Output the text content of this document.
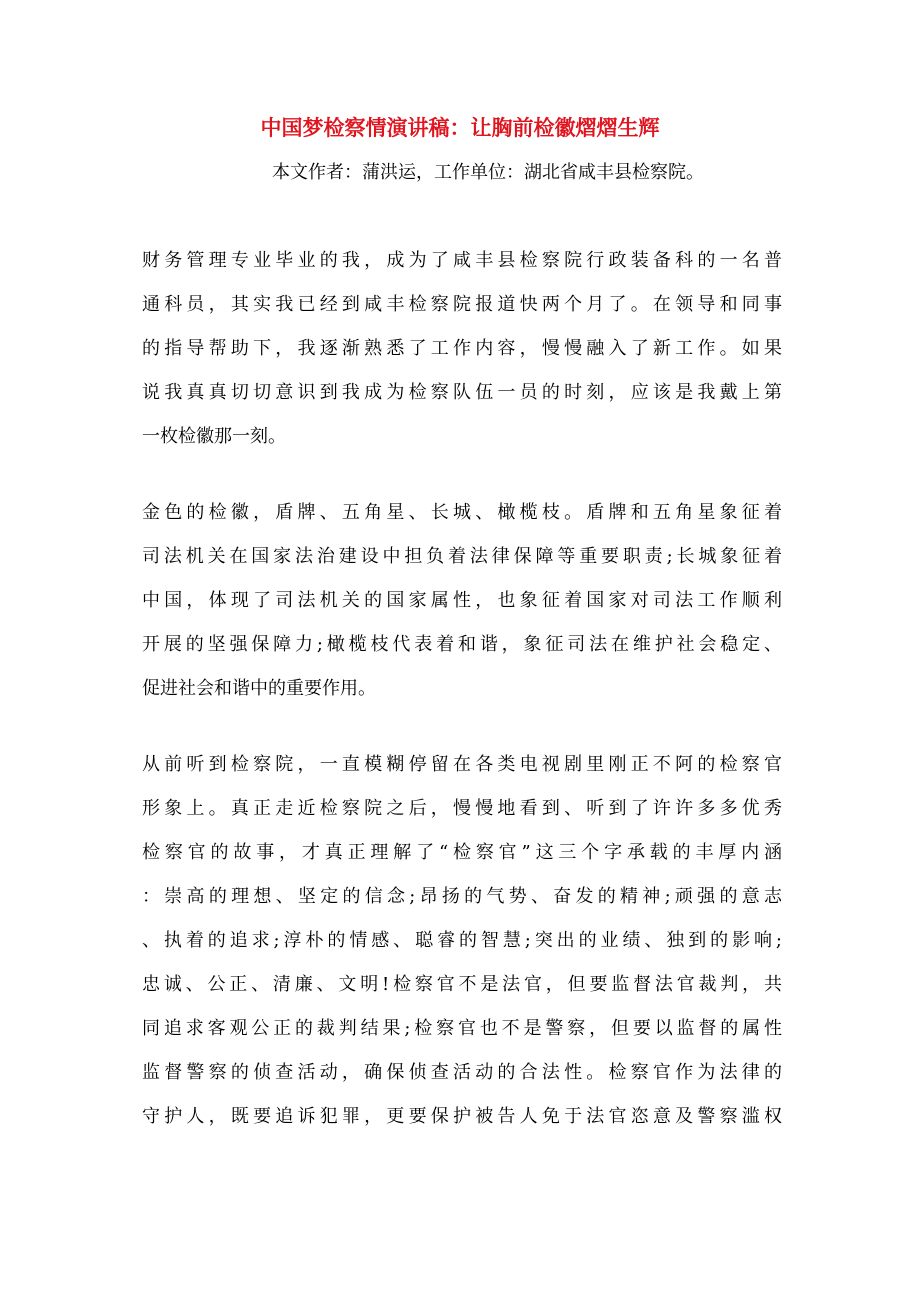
中国梦检察情演讲稿：让胸前检徽熠熠生辉
本文作者：蒲洪运，工作单位：湖北省咸丰县检察院。
财务管理专业毕业的我，成为了咸丰县检察院行政装备科的一名普
通科员，其实我已经到咸丰检察院报道快两个月了。在领导和同事
的指导帮助下，我逐渐熟悉了工作内容，慢慢融入了新工作。如果
说我真真切切意识到我成为检察队伍一员的时刻，应该是我戴上第
一枚检徽那一刻。
金色的检徽，盾牌、五角星、长城、橄榄枝。盾牌和五角星象征着
司法机关在国家法治建设中担负着法律保障等重要职责;长城象征着
中国，体现了司法机关的国家属性，也象征着国家对司法工作顺利
开展的坚强保障力;橄榄枝代表着和谐，象征司法在维护社会稳定、
促进社会和谐中的重要作用。
从前听到检察院，一直模糊停留在各类电视剧里刚正不阿的检察官
形象上。真正走近检察院之后，慢慢地看到、听到了许许多多优秀
检察官的故事，才真正理解了“检察官”这三个字承载的丰厚内涵
：崇高的理想、坚定的信念;昂扬的气势、奋发的精神;顽强的意志
、执着的追求;淳朴的情感、聪睿的智慧;突出的业绩、独到的影响;
忠诚、公正、清廉、文明!检察官不是法官，但要监督法官裁判，共
同追求客观公正的裁判结果;检察官也不是警察，但要以监督的属性
监督警察的侦查活动，确保侦查活动的合法性。检察官作为法律的
守护人，既要追诉犯罪，更要保护被告人免于法官恣意及警察滥权
